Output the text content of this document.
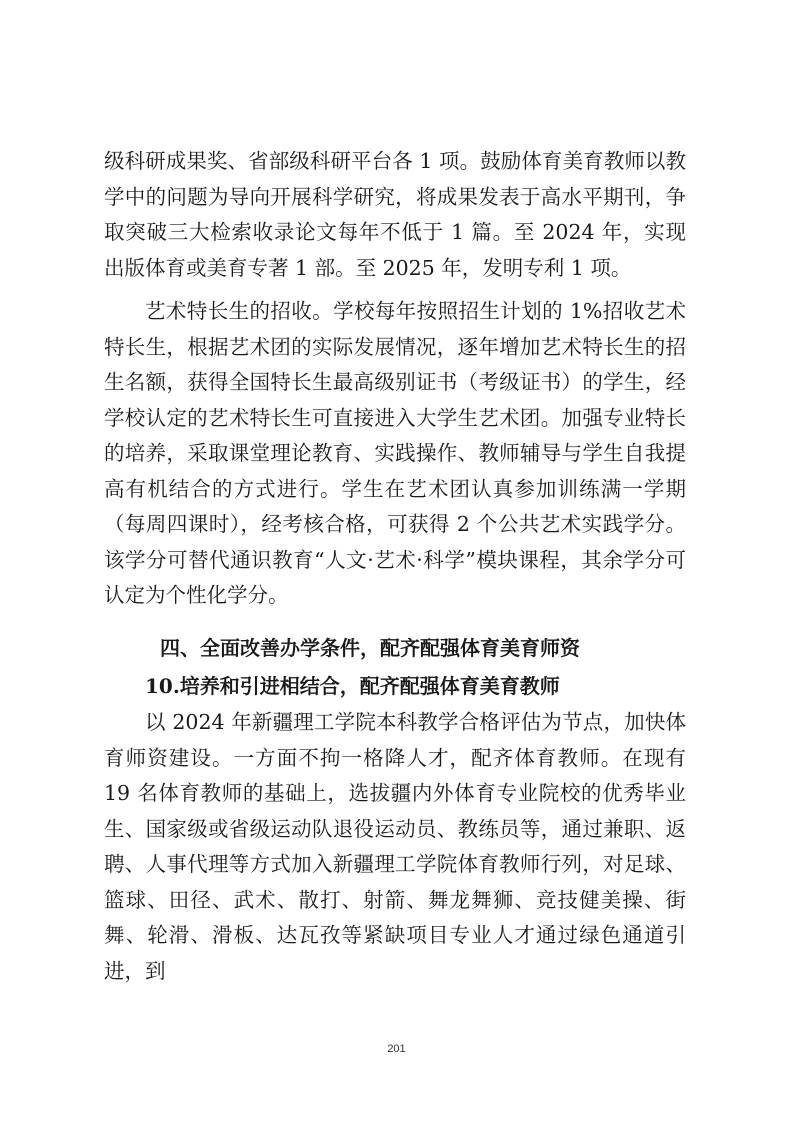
级科研成果奖、省部级科研平台各 1 项。鼓励体育美育教师以教学中的问题为导向开展科学研究，将成果发表于高水平期刊，争取突破三大检索收录论文每年不低于 1 篇。至 2024 年，实现出版体育或美育专著 1 部。至 2025 年，发明专利 1 项。

艺术特长生的招收。学校每年按照招生计划的 1%招收艺术特长生，根据艺术团的实际发展情况，逐年增加艺术特长生的招生名额，获得全国特长生最高级别证书（考级证书）的学生，经学校认定的艺术特长生可直接进入大学生艺术团。加强专业特长的培养，采取课堂理论教育、实践操作、教师辅导与学生自我提高有机结合的方式进行。学生在艺术团认真参加训练满一学期（每周四课时），经考核合格，可获得 2 个公共艺术实践学分。该学分可替代通识教育“人文·艺术·科学”模块课程，其余学分可认定为个性化学分。

四、全面改善办学条件，配齐配强体育美育师资
10.培养和引进相结合，配齐配强体育美育教师

以 2024 年新疆理工学院本科教学合格评估为节点，加快体育师资建设。一方面不拘一格降人才，配齐体育教师。在现有 19 名体育教师的基础上，选拔疆内外体育专业院校的优秀毕业生、国家级或省级运动队退役运动员、教练员等，通过兼职、返聘、人事代理等方式加入新疆理工学院体育教师行列，对足球、篮球、田径、武术、散打、射箭、舞龙舞狮、竞技健美操、街舞、轮滑、滑板、达瓦孜等紧缺项目专业人才通过绿色通道引进，到

201
